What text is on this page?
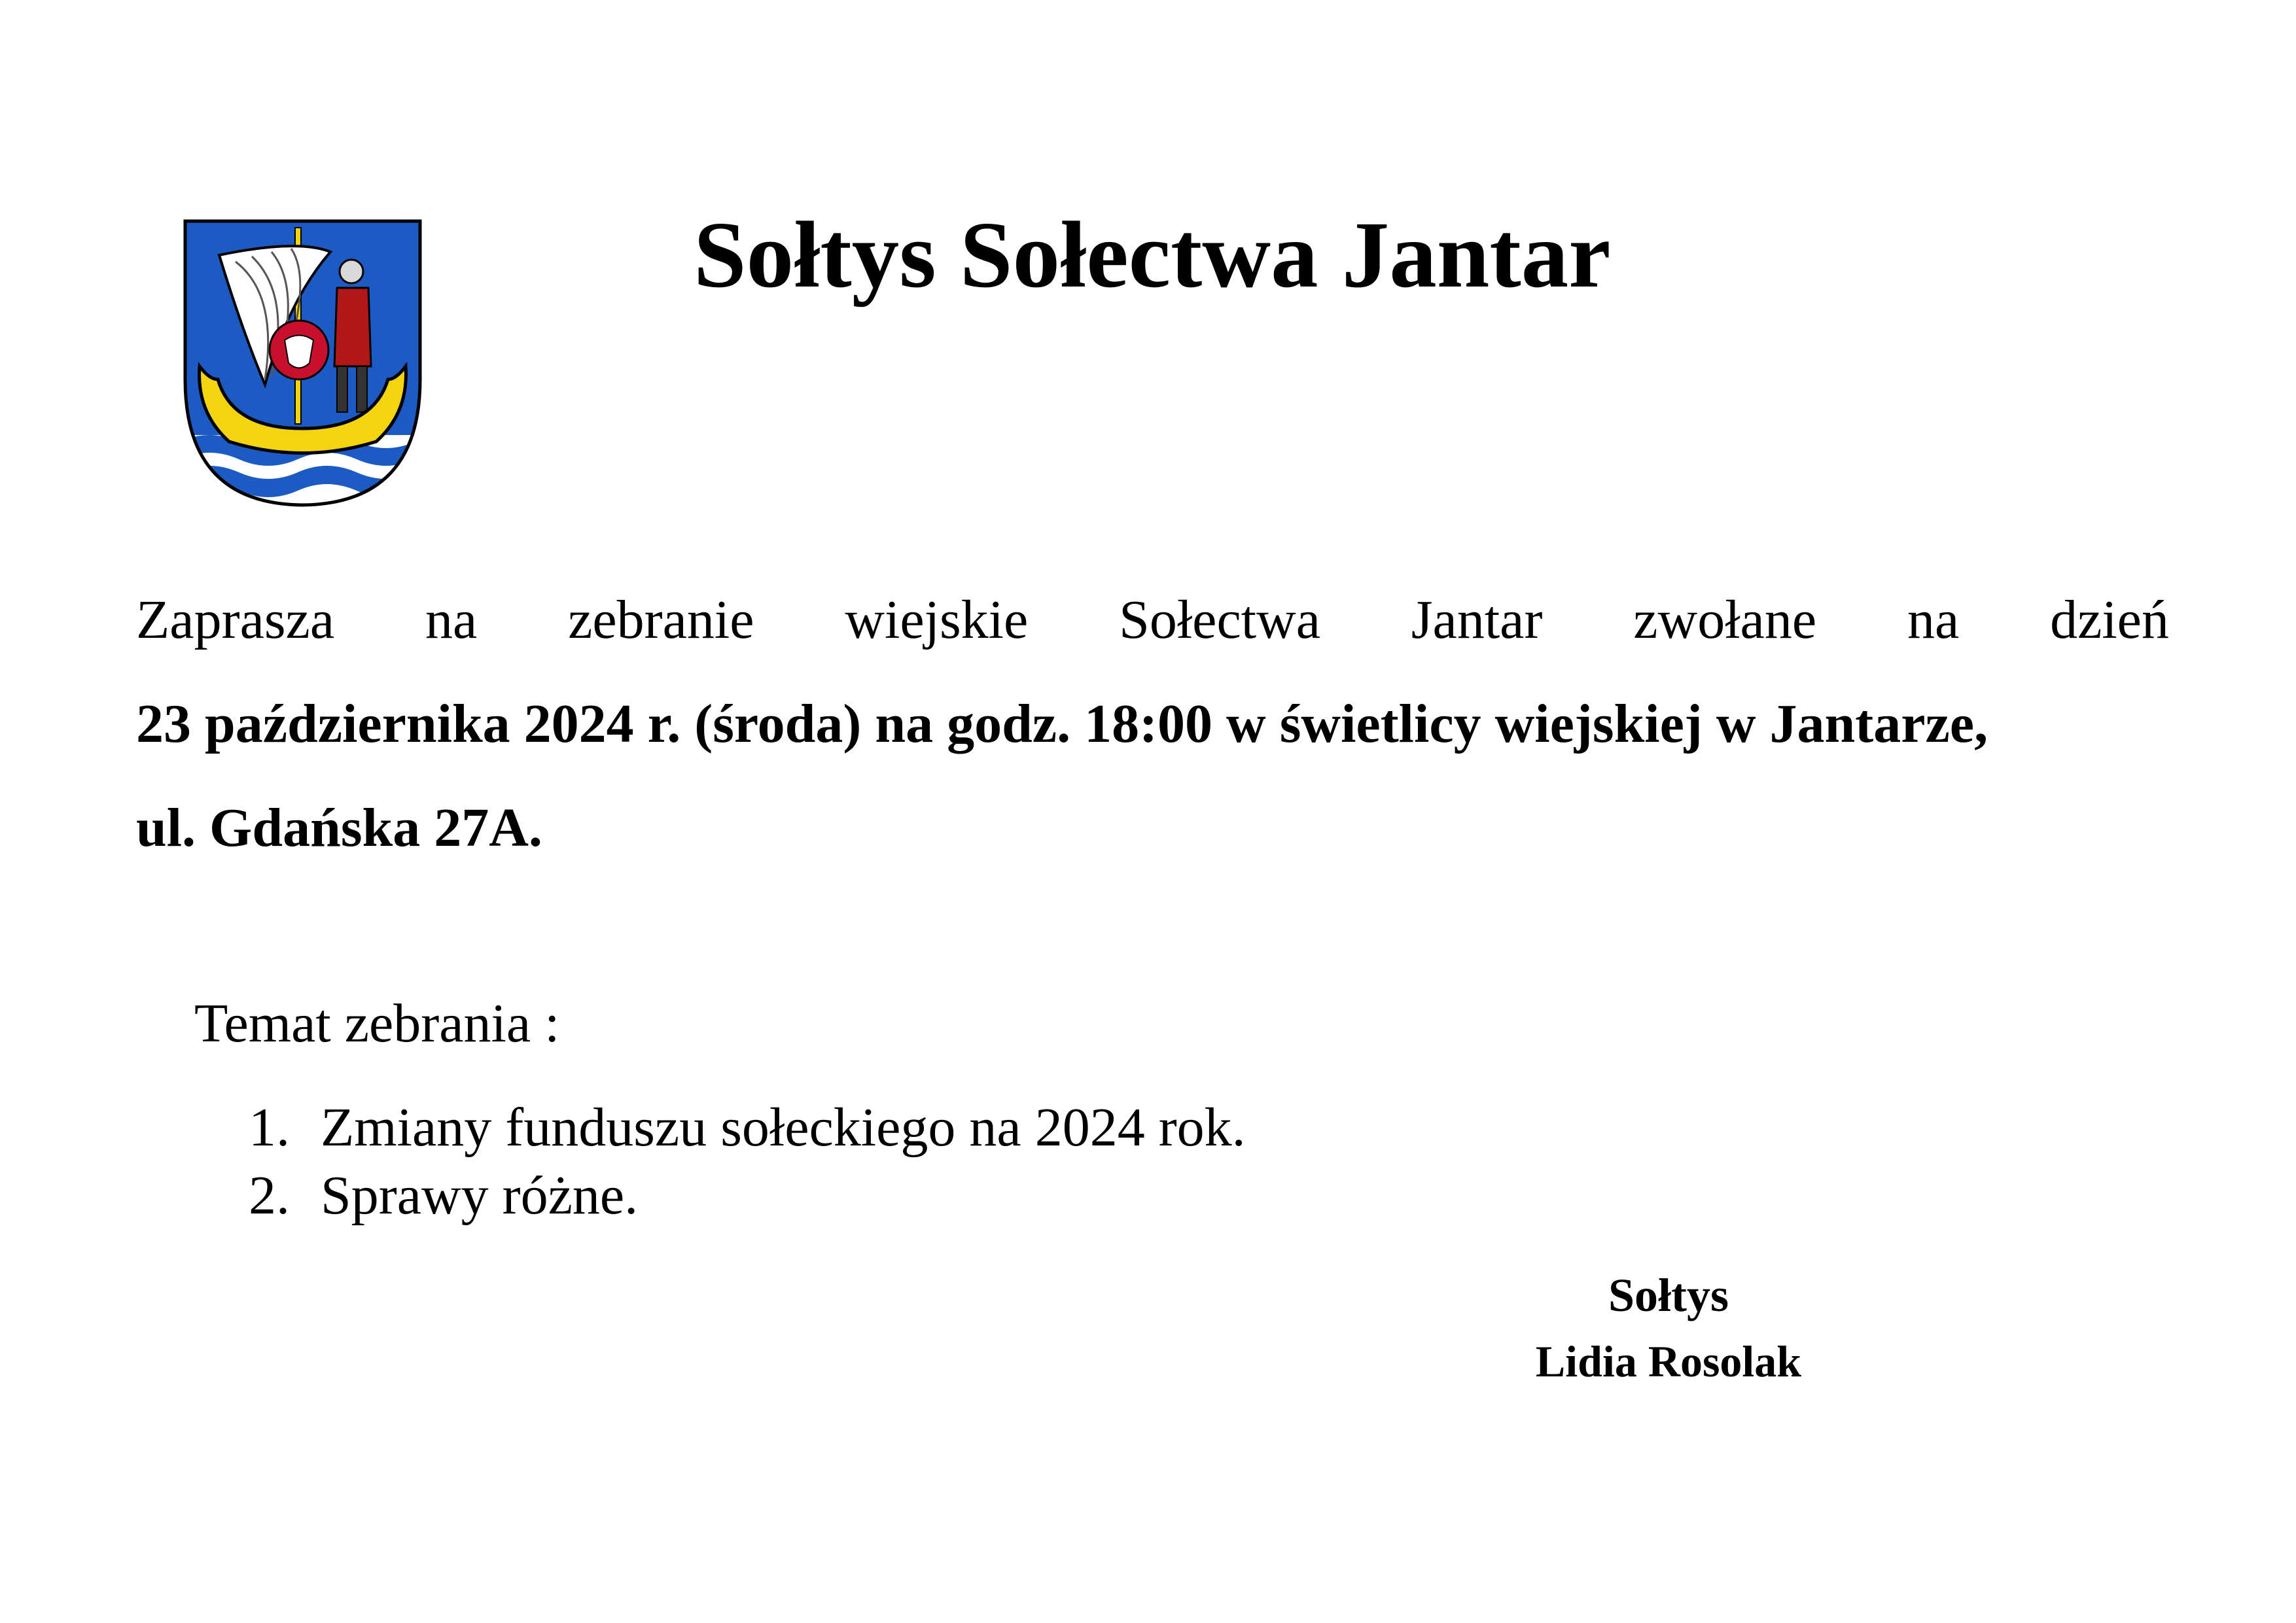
Sołtys Sołectwa Jantar
Zaprasza na zebranie wiejskie Sołectwa Jantar zwołane na dzień
23 października 2024 r. (środa) na godz. 18:00 w świetlicy wiejskiej w Jantarze,
ul. Gdańska 27A.
Temat zebrania :
1. Zmiany funduszu sołeckiego na 2024 rok.
2. Sprawy różne.
Sołtys
Lidia Rosolak
